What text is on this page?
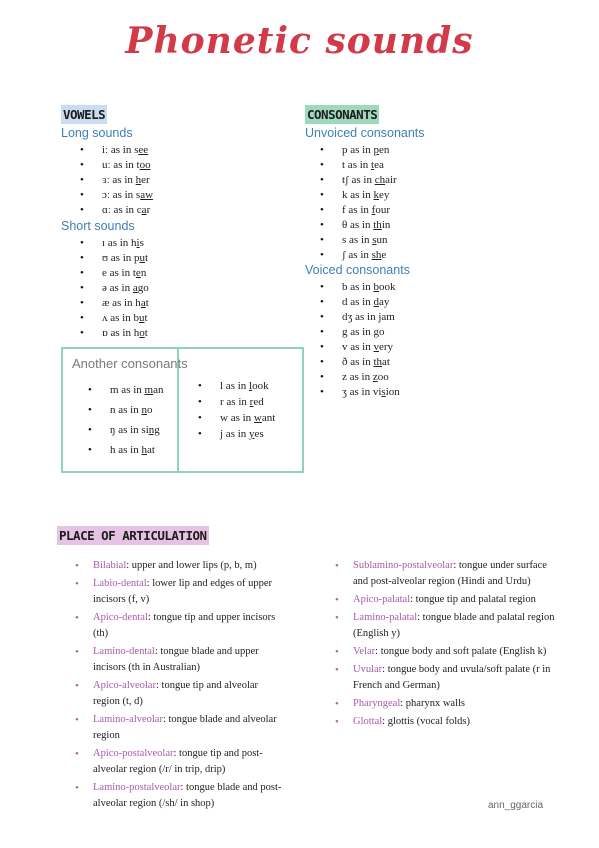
Phonetic sounds
VOWELS
Long sounds
• iː as in see
• uː as in too
• ɜː as in her
• ɔː as in saw
• ɑː as in car
Short sounds
• ɪ as in his
• ʊ as in put
• e as in ten
• ə as in ago
• æ as in hat
• ʌ as in but
• ɒ as in hot
Another consonants
• m as in man
• n as in no
• ŋ as in sing
• h as in hat
• l as in look
• r as in red
• w as in want
• j as in yes
CONSONANTS
Unvoiced consonants
• p as in pen
• t as in tea
• tʃ as in chair
• k as in key
• f as in four
• θ as in thin
• s as in sun
• ʃ as in she
Voiced consonants
• b as in book
• d as in day
• dʒ as in jam
• g as in go
• v as in very
• ð as in that
• z as in zoo
• ʒ as in vision
PLACE OF ARTICULATION
• Bilabial: upper and lower lips (p, b, m)
• Labio-dental: lower lip and edges of upper incisors (f, v)
• Apico-dental: tongue tip and upper incisors (th)
• Lamino-dental: tongue blade and upper incisors (th in Australian)
• Apico-alveolar: tongue tip and alveolar region (t, d)
• Lamino-alveolar: tongue blade and alveolar region
• Apico-postalveolar: tongue tip and post-alveolar region (/r/ in trip, drip)
• Lamino-postalveolar: tongue blade and post-alveolar region (/sh/ in shop)
• Sublamino-postalveolar: tongue under surface and post-alveolar region (Hindi and Urdu)
• Apico-palatal: tongue tip and palatal region
• Lamino-palatal: tongue blade and palatal region (English y)
• Velar: tongue body and soft palate (English k)
• Uvular: tongue body and uvula/soft palate (r in French and German)
• Pharyngeal: pharynx walls
• Glottal: glottis (vocal folds)
ann_ggarcia
